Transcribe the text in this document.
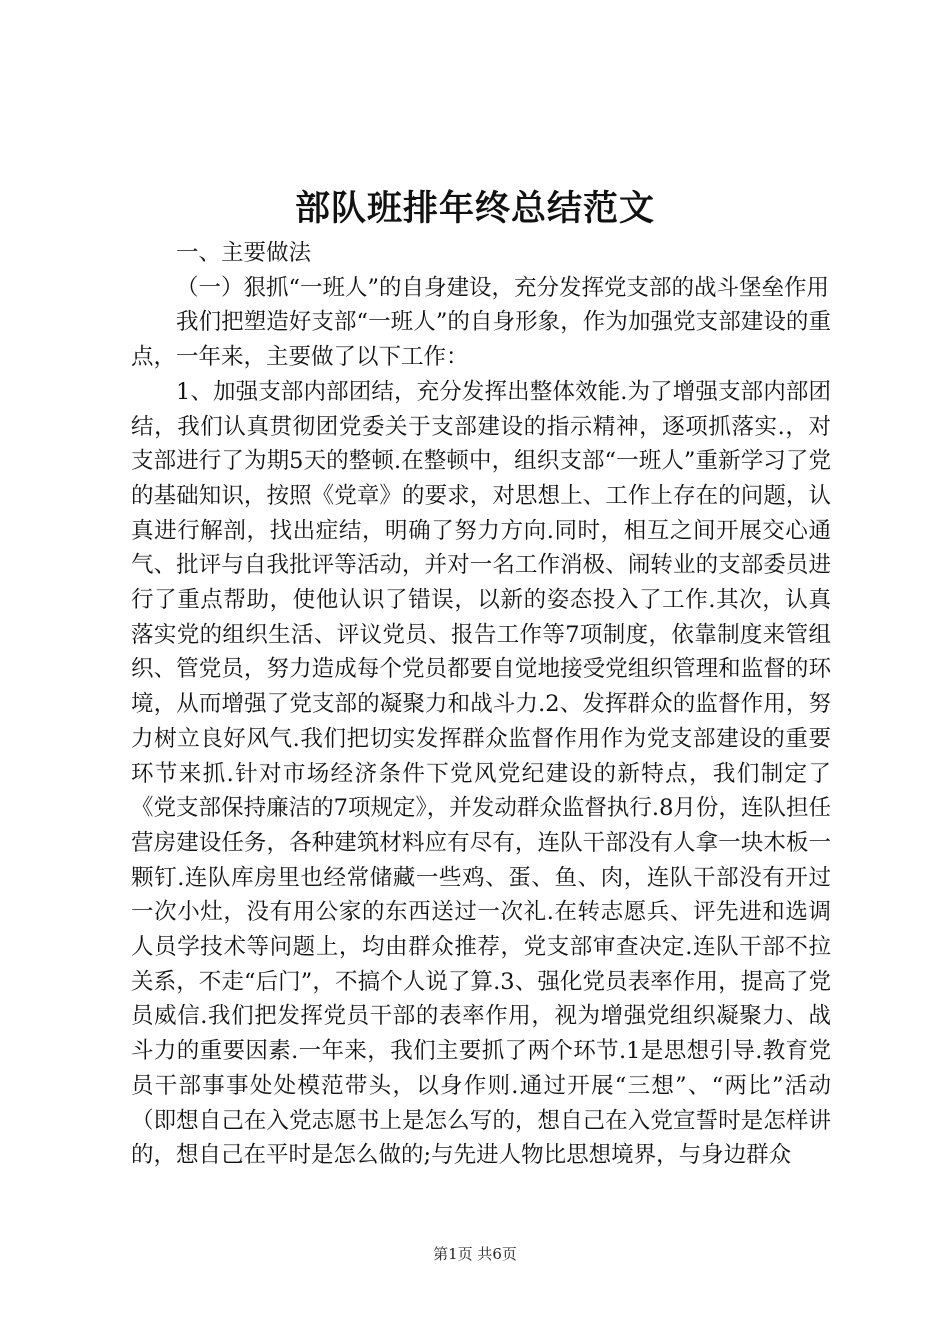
部队班排年终总结范文

一、主要做法

（一）狠抓“一班人”的自身建设，充分发挥党支部的战斗堡垒作用

我们把塑造好支部“一班人”的自身形象，作为加强党支部建设的重点，一年来，主要做了以下工作：

1、加强支部内部团结，充分发挥出整体效能.为了增强支部内部团结，我们认真贯彻团党委关于支部建设的指示精神，逐项抓落实.，对支部进行了为期5天的整顿.在整顿中，组织支部“一班人”重新学习了党的基础知识，按照《党章》的要求，对思想上、工作上存在的问题，认真进行解剖，找出症结，明确了努力方向.同时，相互之间开展交心通气、批评与自我批评等活动，并对一名工作消极、闹转业的支部委员进行了重点帮助，使他认识了错误，以新的姿态投入了工作.其次，认真落实党的组织生活、评议党员、报告工作等7项制度，依靠制度来管组织、管党员，努力造成每个党员都要自觉地接受党组织管理和监督的环境，从而增强了党支部的凝聚力和战斗力.2、发挥群众的监督作用，努力树立良好风气.我们把切实发挥群众监督作用作为党支部建设的重要环节来抓.针对市场经济条件下党风党纪建设的新特点，我们制定了《党支部保持廉洁的7项规定》，并发动群众监督执行.8月份，连队担任营房建设任务，各种建筑材料应有尽有，连队干部没有人拿一块木板一颗钉.连队库房里也经常储藏一些鸡、蛋、鱼、肉，连队干部没有开过一次小灶，没有用公家的东西送过一次礼.在转志愿兵、评先进和选调人员学技术等问题上，均由群众推荐，党支部审查决定.连队干部不拉关系，不走“后门”，不搞个人说了算.3、强化党员表率作用，提高了党员威信.我们把发挥党员干部的表率作用，视为增强党组织凝聚力、战斗力的重要因素.一年来，我们主要抓了两个环节.1是思想引导.教育党员干部事事处处模范带头，以身作则.通过开展“三想”、“两比”活动（即想自己在入党志愿书上是怎么写的，想自己在入党宣誓时是怎样讲的，想自己在平时是怎么做的;与先进人物比思想境界，与身边群众

第1页 共6页
